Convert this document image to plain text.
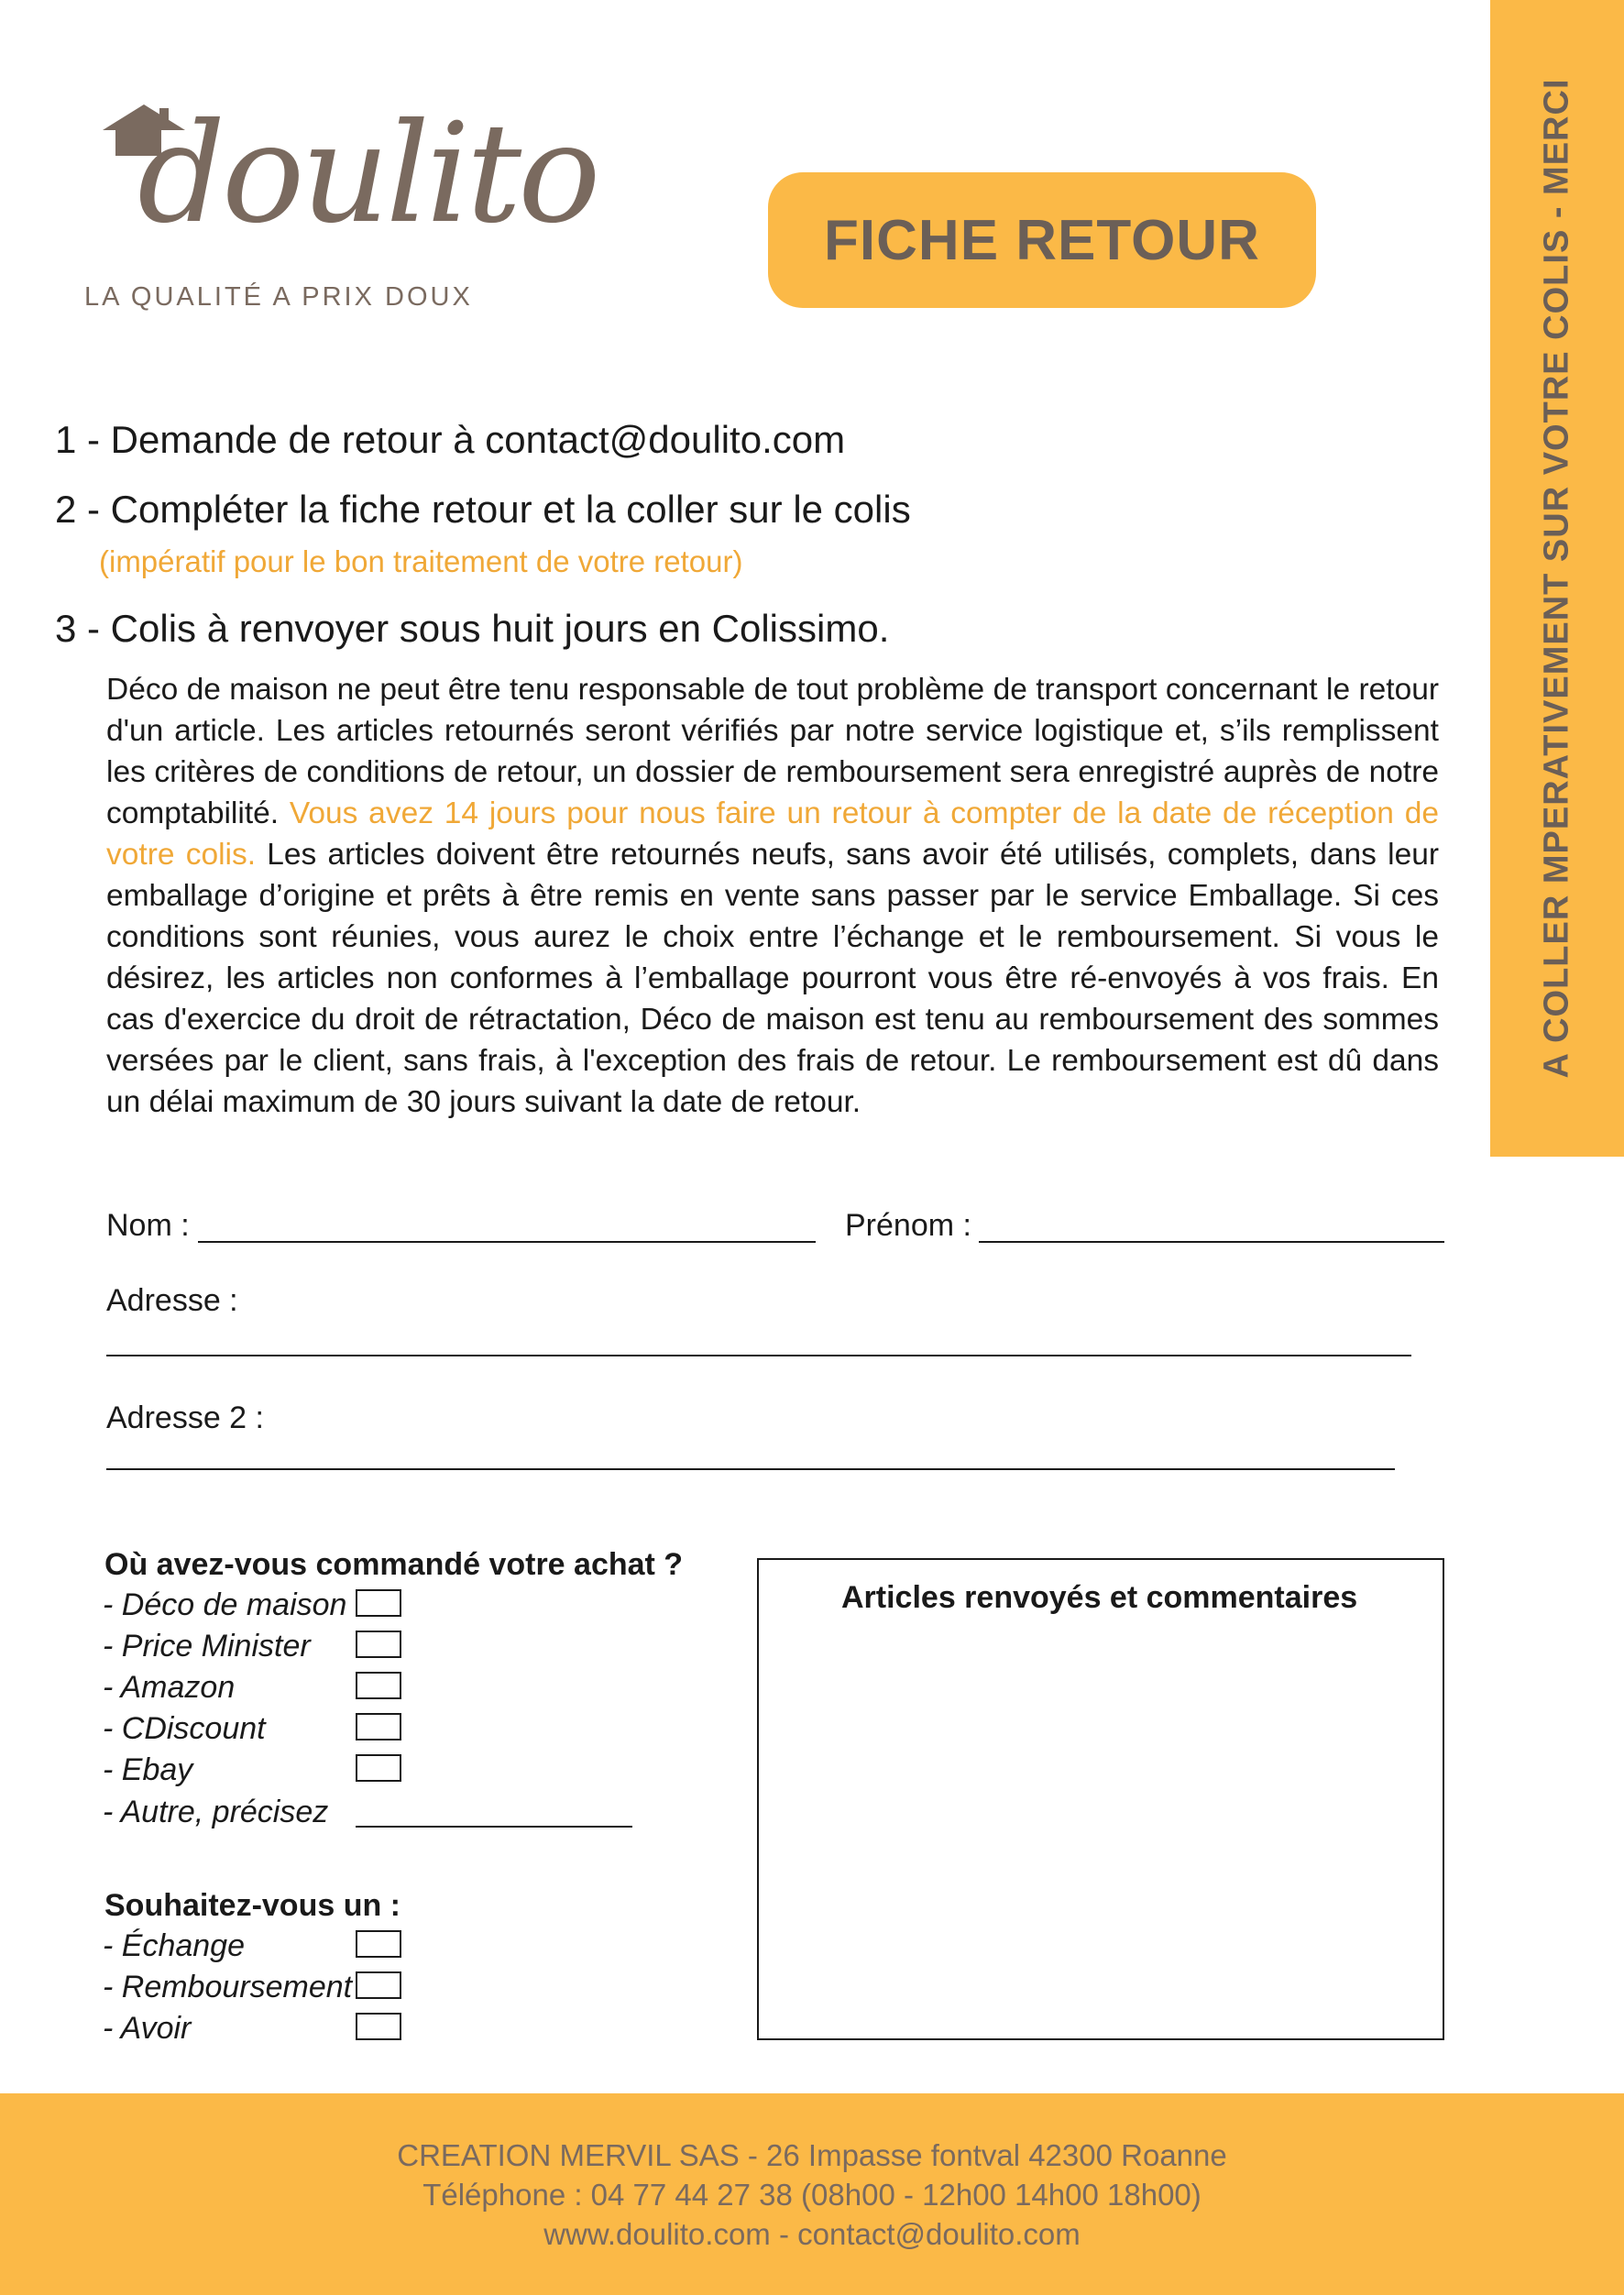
doulito
LA QUALITÉ A PRIX DOUX
FICHE RETOUR	A COLLER MPERATIVEMENT SUR VOTRE COLIS - MERCI
1 - Demande de retour à contact@doulito.com
2 - Compléter la fiche retour et la coller sur le colis
(impératif pour le bon traitement de votre retour)
3 - Colis à renvoyer sous huit jours en Colissimo.
Déco de maison ne peut être tenu responsable de tout problème de transport concernant le retour d'un article. Les articles retournés seront vérifiés par notre service logistique et, s’ils remplissent les critères de conditions de retour, un dossier de remboursement sera enregistré auprès de notre comptabilité. Vous avez 14 jours pour nous faire un retour à compter de la date de réception de votre colis. Les articles doivent être retournés neufs, sans avoir été utilisés, complets, dans leur emballage d’origine et prêts à être remis en vente sans passer par le service Emballage. Si ces conditions sont réunies, vous aurez le choix entre l’échange et le remboursement. Si vous le désirez, les articles non conformes à l’emballage pourront vous être ré-envoyés à vos frais. En cas d'exercice du droit de rétractation, Déco de maison est tenu au remboursement des sommes versées par le client, sans frais, à l'exception des frais de retour. Le remboursement est dû dans un délai maximum de 30 jours suivant la date de retour.
Nom :	Prénom :
Adresse :
Adresse 2 :
Où avez-vous commandé votre achat ?
- Déco de maison
- Price Minister
- Amazon
- CDiscount
- Ebay
- Autre, précisez
Souhaitez-vous un :
- Échange
- Remboursement
- Avoir
Articles renvoyés et commentaires
CREATION MERVIL SAS - 26 Impasse fontval 42300 Roanne
Téléphone : 04 77 44 27 38 (08h00 - 12h00 14h00 18h00)
www.doulito.com - contact@doulito.com
